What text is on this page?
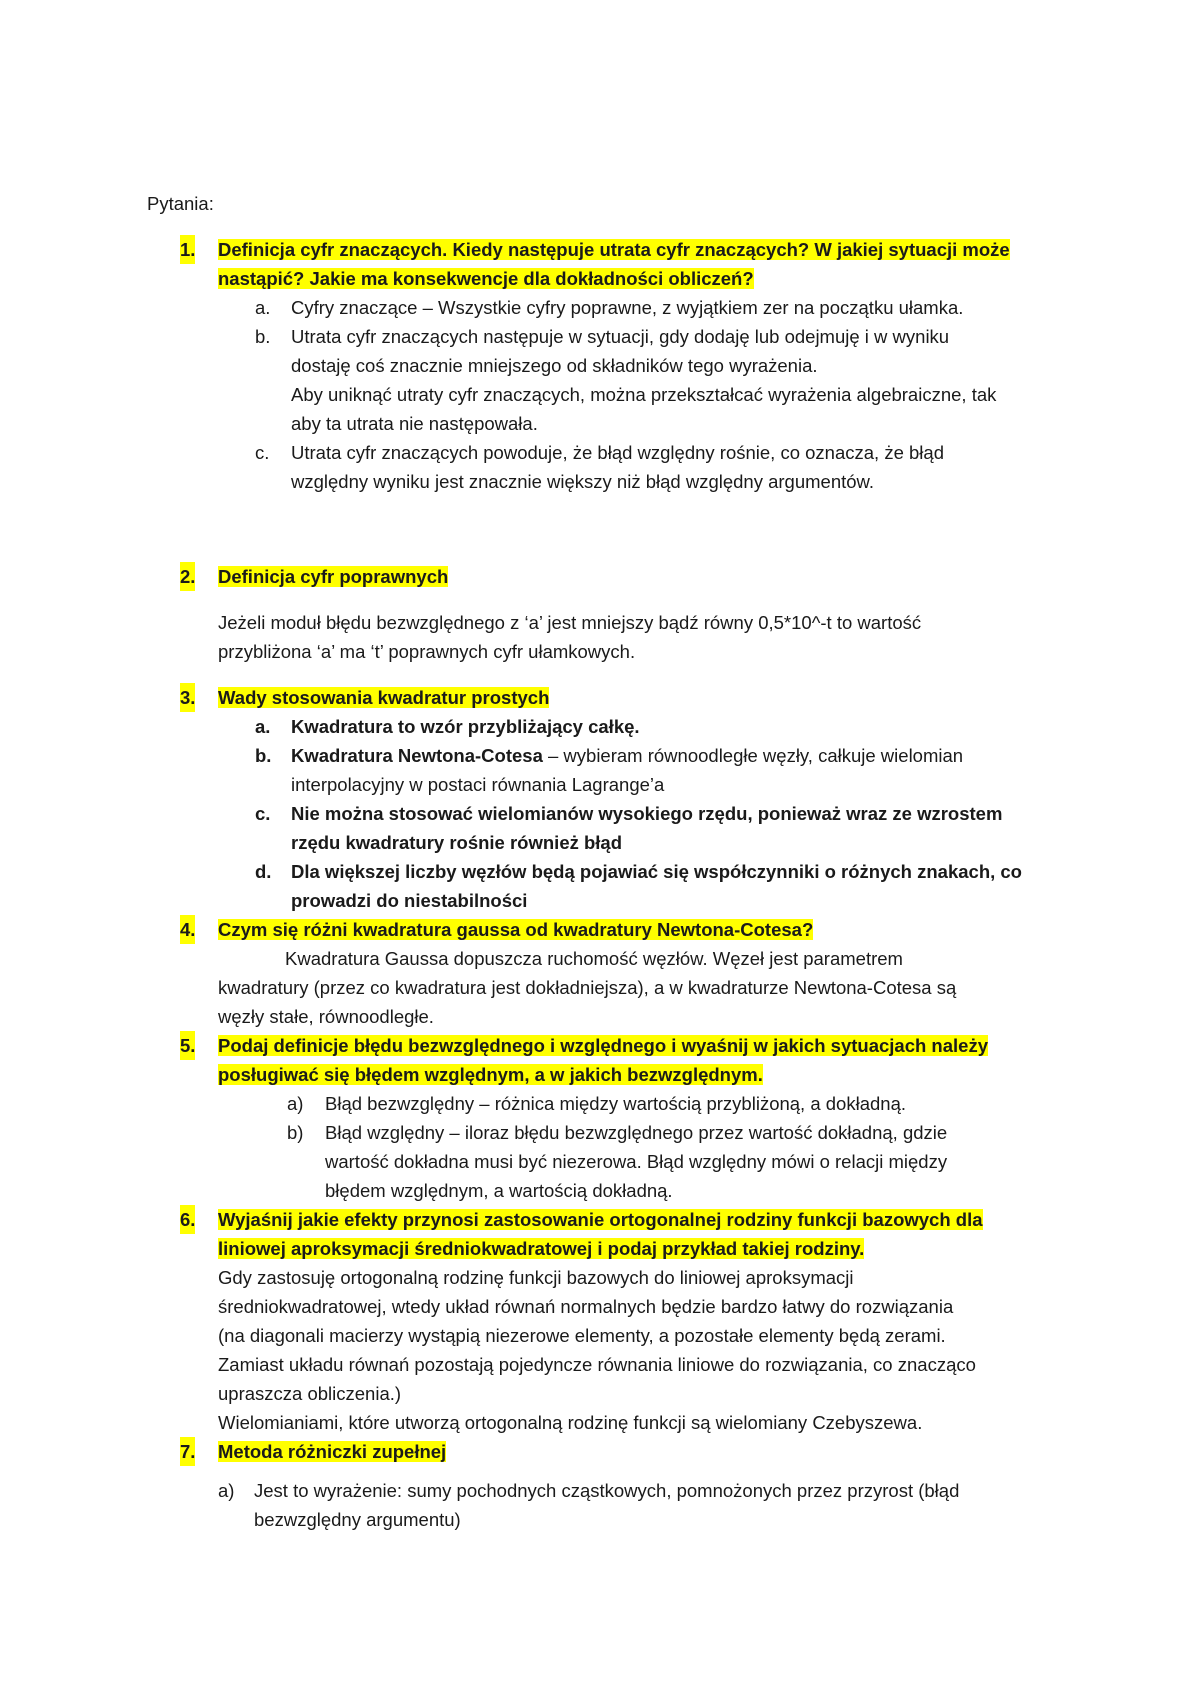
Pytania:
1. Definicja cyfr znaczących. Kiedy następuje utrata cyfr znaczących? W jakiej sytuacji może
nastąpić? Jakie ma konsekwencje dla dokładności obliczeń?
a. Cyfry znaczące – Wszystkie cyfry poprawne, z wyjątkiem zer na początku ułamka.
b. Utrata cyfr znaczących następuje w sytuacji, gdy dodaję lub odejmuję i w wyniku
dostaję coś znacznie mniejszego od składników tego wyrażenia.
Aby uniknąć utraty cyfr znaczących, można przekształcać wyrażenia algebraiczne, tak
aby ta utrata nie następowała.
c. Utrata cyfr znaczących powoduje, że błąd względny rośnie, co oznacza, że błąd
względny wyniku jest znacznie większy niż błąd względny argumentów.
2. Definicja cyfr poprawnych
Jeżeli moduł błędu bezwzględnego z ‘a’ jest mniejszy bądź równy 0,5*10^-t to wartość
przybliżona ‘a’ ma ‘t’ poprawnych cyfr ułamkowych.
3. Wady stosowania kwadratur prostych
a. Kwadratura to wzór przybliżający całkę.
b. Kwadratura Newtona-Cotesa – wybieram równoodległe węzły, całkuje wielomian
interpolacyjny w postaci równania Lagrange’a
c. Nie można stosować wielomianów wysokiego rzędu, ponieważ wraz ze wzrostem
rzędu kwadratury rośnie również błąd
d. Dla większej liczby węzłów będą pojawiać się współczynniki o różnych znakach, co
prowadzi do niestabilności
4. Czym się różni kwadratura gaussa od kwadratury Newtona-Cotesa?
Kwadratura Gaussa dopuszcza ruchomość węzłów. Węzeł jest parametrem
kwadratury (przez co kwadratura jest dokładniejsza), a w kwadraturze Newtona-Cotesa są
węzły stałe, równoodległe.
5. Podaj definicje błędu bezwzględnego i względnego i wyaśnij w jakich sytuacjach należy
posługiwać się błędem względnym, a w jakich bezwzględnym.
a) Błąd bezwzględny – różnica między wartością przybliżoną, a dokładną.
b) Błąd względny – iloraz błędu bezwzględnego przez wartość dokładną, gdzie
wartość dokładna musi być niezerowa. Błąd względny mówi o relacji między
błędem względnym, a wartością dokładną.
6. Wyjaśnij jakie efekty przynosi zastosowanie ortogonalnej rodziny funkcji bazowych dla
liniowej aproksymacji średniokwadratowej i podaj przykład takiej rodziny.
Gdy zastosuję ortogonalną rodzinę funkcji bazowych do liniowej aproksymacji
średniokwadratowej, wtedy układ równań normalnych będzie bardzo łatwy do rozwiązania
(na diagonali macierzy wystąpią niezerowe elementy, a pozostałe elementy będą zerami.
Zamiast układu równań pozostają pojedyncze równania liniowe do rozwiązania, co znacząco
upraszcza obliczenia.)
Wielomianiami, które utworzą ortogonalną rodzinę funkcji są wielomiany Czebyszewa.
7. Metoda różniczki zupełnej
a) Jest to wyrażenie: sumy pochodnych cząstkowych, pomnożonych przez przyrost (błąd
bezwzględny argumentu)
